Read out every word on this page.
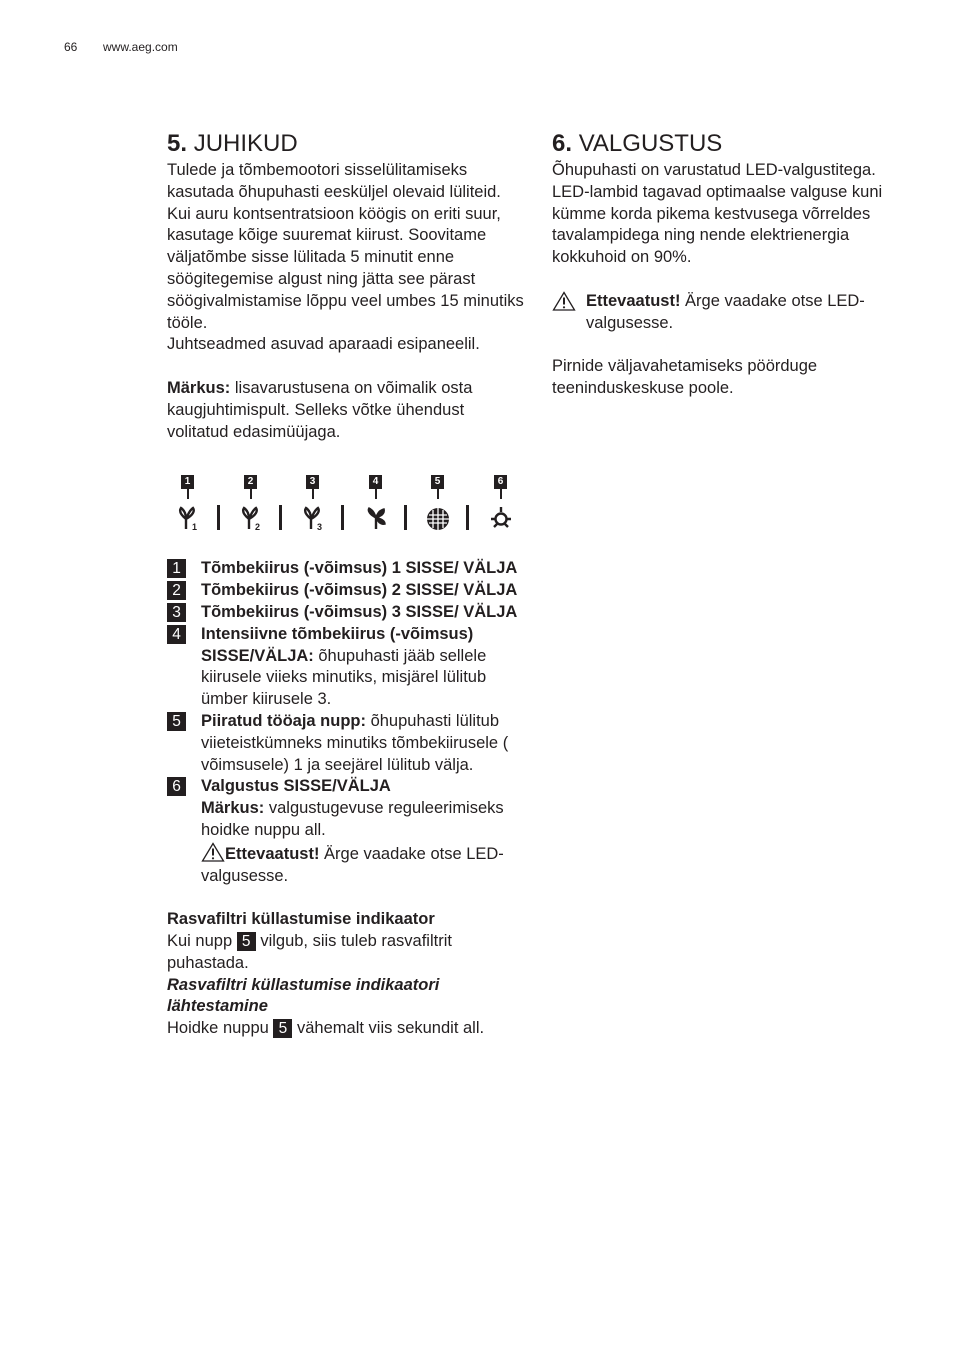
66 www.aeg.com
5. JUHIKUD

Tulede ja tõmbemootori sisselülitamiseks kasutada õhupuhasti eesküljel olevaid lüliteid.

Kui auru kontsentratsioon köögis on eriti suur, kasutage kõige suuremat kiirust. Soovitame väljatõmbe sisse lülitada 5 minutit enne söögitegemise algust ning jätta see pärast söögivalmistamise lõppu veel umbes 15 minutiks tööle.

Juhtseadmed asuvad aparaadi esipaneelil.

Märkus: lisavarustusena on võimalik osta kaugjuhtimispult. Selleks võtke ühendust volitatud edasimüüjaga.

1
1
2
2
3
3
4	5	6
1	Tõmbekiirus (-võimsus) 1 SISSE/ VÄLJA
2	Tõmbekiirus (-võimsus) 2 SISSE/ VÄLJA
3	Tõmbekiirus (-võimsus) 3 SISSE/ VÄLJA
4	Intensiivne tõmbekiirus (-võimsus) SISSE/VÄLJA: õhupuhasti jääb sellele kiirusele viieks minutiks, misjärel lülitub ümber kiirusele 3.
5	Piiratud tööaja nupp: õhupuhasti lülitub viieteistkümneks minutiks tõmbekiirusele ( võimsusele) 1 ja seejärel lülitub välja.
6	Valgustus SISSE/VÄLJA
Märkus: valgustugevuse reguleerimiseks hoidke nuppu all.
Ettevaatust! Ärge vaadake otse LED-valgusesse.

Rasvafiltri küllastumise indikaator

Kui nupp 5 vilgub, siis tuleb rasvafiltrit puhastada.

Rasvafiltri küllastumise indikaatori lähtestamine

Hoidke nuppu 5 vähemalt viis sekundit all.

6. VALGUSTUS

Õhupuhasti on varustatud LED-valgustitega.

LED-lambid tagavad optimaalse valguse kuni kümme korda pikema kestvusega võrreldes tavalampidega ning nende elektrienergia kokkuhoid on 90%.

Ettevaatust! Ärge vaadake otse LED-valgusesse.

Pirnide väljavahetamiseks pöörduge teeninduskeskuse poole.
